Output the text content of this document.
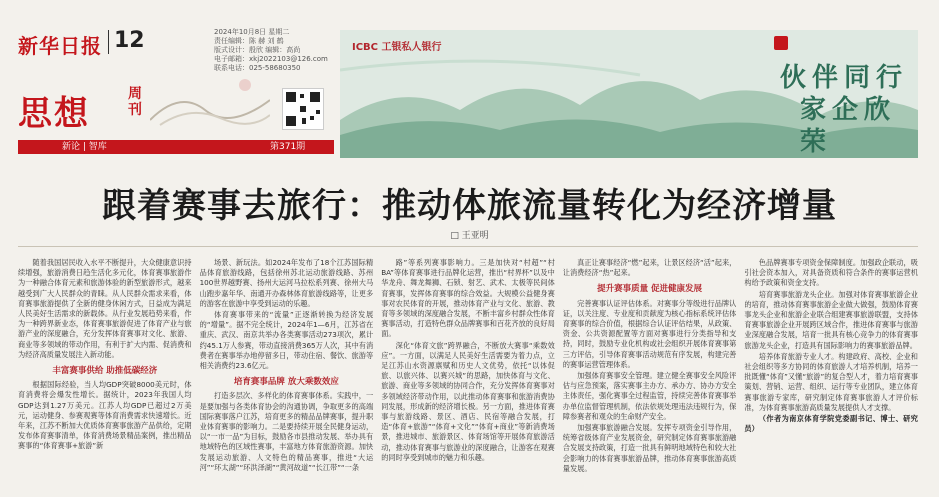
新华日报 12	2024年10月8日 星期二
责任编辑：陈 赫 刘 鹤
版式设计：殷欣 编辑：高尚
电子邮箱：xkj2022103@126.com
联系电话：025-58680350
思想	周刊
新论 | 智库	第371期
ICBC 工银私人银行
伙伴同行
家企欣荣
跟着赛事去旅行：推动体旅流量转化为经济增量
□ 王亚明

随着我国居民收入水平不断提升，大众健康意识持续增强，旅游消费日趋生活化多元化，体育赛事旅游作为一种融合体育元素和旅游体验的新型旅游形式，越来越受到广大人民群众的青睐。从人民群众需求来看，体育赛事旅游提供了全新的健身休闲方式，日益成为满足人民美好生活需求的新载体。从行业发展趋势来看，作为一种跨界新业态，体育赛事旅游促进了体育产业与旅游产业的深度融合，充分发挥体育赛事对文化、旅游、商业等多领域的带动作用，有利于扩大内需、促消费和为经济高质量发展注入新动能。

丰富赛事供给 助推低碳经济

根据国际经验，当人均GDP突破8000美元时，体育消费将会爆发性增长。据统计，2023年我国人均GDP达到1.27万美元。江苏人均GDP已超过2万美元，运动健身、参赛观赛等体育消费需求快速增长。近年来，江苏不断加大优质体育赛事旅游产品供给，定期发布体育赛事清单，体育消费场景精品案例，推出精品赛事的“体育赛事+旅游”新

场景、新玩法。如2024年发布了18个江苏国际精品体育旅游线路，包括徐州苏北运动旅游线路、苏州100世界越野赛、扬州大运河马拉松系列赛、徐州大马山跑步嘉年华、南通开办森林体育旅游线路等，让更多的游客在旅游中享受到运动的乐趣。

体育赛事带来的“流量”正逐渐转换为经济发展的“增量”。据不完全统计，2024年1—6月，江苏省在重庆、武汉、南京共举办各类赛事活动273项次，累计约45.1万人参赛，带动直接消费365万人次，其中有消费者在赛事举办地停留多日，带动住宿、餐饮、旅游等相关消费约23.6亿元。

培育赛事品牌 放大乘数效应

打造多层次、多样化的体育赛事体系。实践中，一是要加强与各类体育协会的沟通协调，争取更多的高端国际赛事落户江苏，培育更多的精品品牌赛事，提升职业体育赛事的影响力。二是要持续开展全民健身运动，以“一市一品”为目标，鼓励各市县推动发展、举办具有地域特色的区域性赛事，丰富地方体育旅游资源。加快发展运动旅游、人文特色的精品赛事，推进“大运河”“环太湖”“环洪泽湖”“黄河故道”“长江带”“一条

路”等系列赛事影响力。三是加快对“村超”“村BA”等体育赛事进行品牌化运营，推出“村界杯”以及中华龙舟、舞龙舞狮、石锁、射艺、武术、太极等民间体育赛事，发挥体育赛事的综合效益。大规模公益健身赛事对农民体育的开展，推动体育产业与文化、旅游、教育等多领域的深度融合发展，不断丰富乡村群众性体育赛事活动，打造特色群众品牌赛事和百花齐放的良好局面。

深化“体育文旅”跨界融合，不断放大赛事“乘数效应”。一方面，以满足人民美好生活需要为着力点，立足江苏山水资源禀赋和历史人文优势，依托“以体促旅、以旅兴体、以赛兴城”的思路，加快体育与文化、旅游、商业等多领域的协同合作，充分发挥体育赛事对多领域经济带动作用，以此推动体育赛事和旅游消费协同发展，形成新的经济增长极。另一方面，推进体育赛事与旅游线路、景区、酒店、民宿等融合发展，打造“体育+旅游”“体育+文化”“体育+商业”等新消费场景，推进城市、旅游景区、体育场馆等开展体育旅游活动，推动体育赛事与旅游业的深度融合，让游客在观赛的同时享受到城市的魅力和乐趣。

真正让赛事经济“燃”起来，让景区经济“活”起来，让消费经济“热”起来。

提升赛事质量 促进健康发展

完善赛事认证评估体系。对赛事分等级进行品牌认证，以关注度、专业度和贡献度为核心指标系统评估体育赛事的综合价值，根据综合认证评估结果，从政策、资金、公共资源配置等方面对赛事进行分类指导和支持，同时，鼓励专业化机构或社会组织开展体育赛事第三方评估，引导体育赛事活动规范有序发展，构建完善的赛事运营管理体系。

加强体育赛事安全管理。建立健全赛事安全风险评估与应急预案，落实赛事主办方、承办方、协办方安全主体责任，强化赛事全过程监管，持续完善体育赛事举办单位监督管理机制，依法依规处理违法违规行为，保障参赛者和观众的生命财产安全。

加强赛事旅游融合发展。发挥专项资金引导作用，统筹省级体育产业发展资金，研究制定体育赛事旅游融合发展支持政策，打造一批具有鲜明地域特色和较大社会影响力的体育赛事旅游品牌，推动体育赛事旅游高质量发展。

色品牌赛事专项资金保障制度。加强政企联动，吸引社会资本加入，对具备资质和符合条件的赛事运营机构给予政策和资金支持。

培育赛事旅游龙头企业。加强对体育赛事旅游企业的培育，推动体育赛事旅游企业做大做强，鼓励体育赛事龙头企业和旅游企业联合组建赛事旅游联盟，支持体育赛事旅游企业开展跨区域合作，推进体育赛事与旅游业深度融合发展，培育一批具有核心竞争力的体育赛事旅游龙头企业，打造具有国际影响力的赛事旅游品牌。

培养体育旅游专业人才。构建政府、高校、企业和社会组织等多方协同的体育旅游人才培养机制，培养一批既懂“体育”又懂“旅游”的复合型人才，着力培育赛事策划、营销、运营、组织、运行等专业团队，建立体育赛事旅游专家库，研究制定体育赛事旅游人才评价标准，为体育赛事旅游高质量发展提供人才支撑。

（作者为南京体育学院党委副书记、博士、研究员）
